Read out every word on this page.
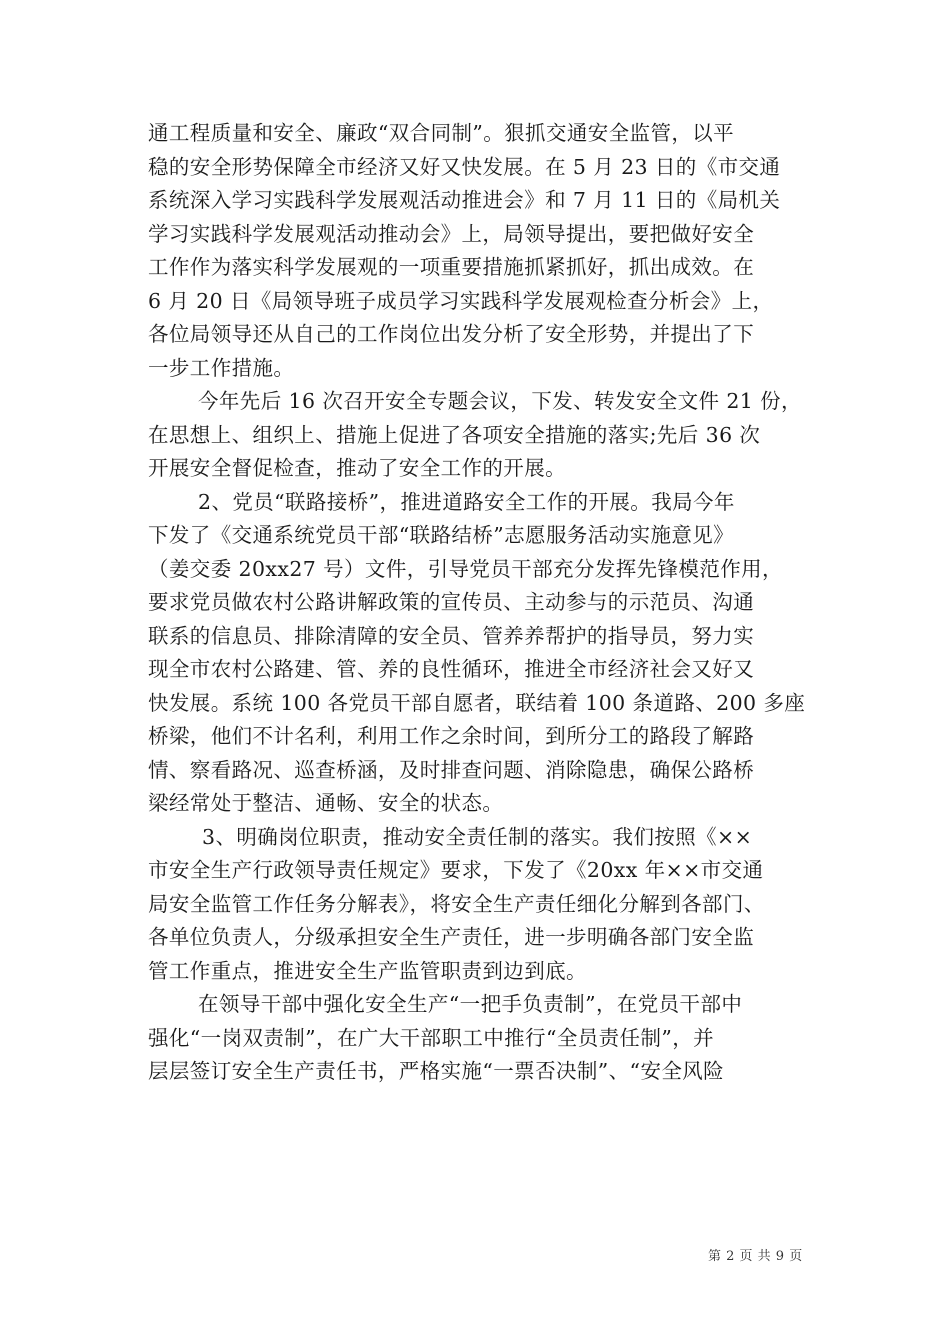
通工程质量和安全、廉政“双合同制”。狠抓交通安全监管，以平
稳的安全形势保障全市经济又好又快发展。在 5 月 23 日的《市交通
系统深入学习实践科学发展观活动推进会》和 7 月 11 日的《局机关
学习实践科学发展观活动推动会》上，局领导提出，要把做好安全
工作作为落实科学发展观的一项重要措施抓紧抓好，抓出成效。在
6 月 20 日《局领导班子成员学习实践科学发展观检查分析会》上，
各位局领导还从自己的工作岗位出发分析了安全形势，并提出了下
一步工作措施。
今年先后 16 次召开安全专题会议，下发、转发安全文件 21 份，
在思想上、组织上、措施上促进了各项安全措施的落实;先后 36 次
开展安全督促检查，推动了安全工作的开展。
2、党员“联路接桥”，推进道路安全工作的开展。我局今年
下发了《交通系统党员干部“联路结桥”志愿服务活动实施意见》
（姜交委 20xx27 号）文件，引导党员干部充分发挥先锋模范作用，
要求党员做农村公路讲解政策的宣传员、主动参与的示范员、沟通
联系的信息员、排除清障的安全员、管养养帮护的指导员，努力实
现全市农村公路建、管、养的良性循环，推进全市经济社会又好又
快发展。系统 100 各党员干部自愿者，联结着 100 条道路、200 多座
桥梁，他们不计名利，利用工作之余时间，到所分工的路段了解路
情、察看路况、巡查桥涵，及时排查问题、消除隐患，确保公路桥
梁经常处于整洁、通畅、安全的状态。
3、明确岗位职责，推动安全责任制的落实。我们按照《××
市安全生产行政领导责任规定》要求，下发了《20xx 年××市交通
局安全监管工作任务分解表》，将安全生产责任细化分解到各部门、
各单位负责人，分级承担安全生产责任，进一步明确各部门安全监
管工作重点，推进安全生产监管职责到边到底。
在领导干部中强化安全生产“一把手负责制”，在党员干部中
强化“一岗双责制”，在广大干部职工中推行“全员责任制”，并
层层签订安全生产责任书，严格实施“一票否决制”、“安全风险
第 2 页 共 9 页
